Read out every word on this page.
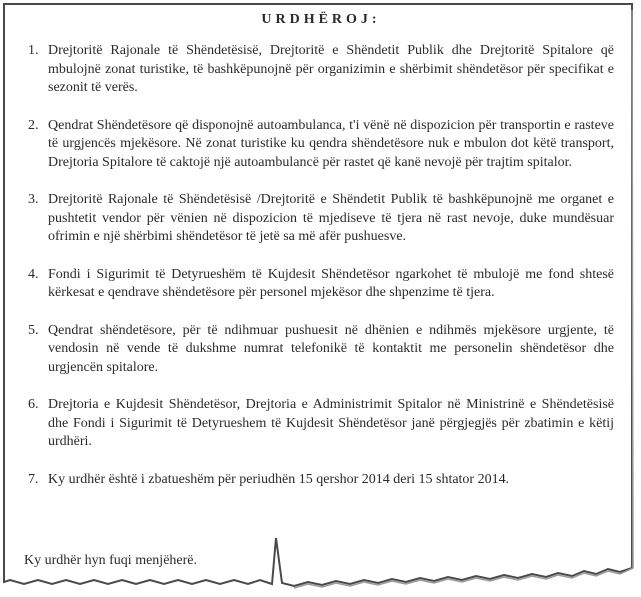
URDHËROJ:
1. Drejtoritë Rajonale të Shëndetësisë, Drejtoritë e Shëndetit Publik dhe Drejtoritë Spitalore që mbulojnë zonat turistike, të bashkëpunojnë për organizimin e shërbimit shëndetësor për specifikat e sezonit të verës.
2. Qendrat Shëndetësore që disponojnë autoambulanca, t'i vënë në dispozicion për transportin e rasteve të urgjencës mjekësore. Në zonat turistike ku qendra shëndetësore nuk e mbulon dot këtë transport, Drejtoria Spitalore të caktojë një autoambulancë për rastet që kanë nevojë për trajtim spitalor.
3. Drejtoritë Rajonale të Shëndetësisë /Drejtoritë e Shëndetit Publik të bashkëpunojnë me organet e pushtetit vendor për vënien në dispozicion të mjediseve të tjera në rast nevoje, duke mundësuar ofrimin e një shërbimi shëndetësor të jetë sa më afër pushuesve.
4. Fondi i Sigurimit të Detyrueshëm të Kujdesit Shëndetësor ngarkohet të mbulojë me fond shtesë kërkesat e qendrave shëndetësore për personel mjekësor dhe shpenzime të tjera.
5. Qendrat shëndetësore, për të ndihmuar pushuesit në dhënien e ndihmës mjekësore urgjente, të vendosin në vende të dukshme numrat telefonikë të kontaktit me personelin shëndetësor dhe urgjencën spitalore.
6. Drejtoria e Kujdesit Shëndetësor, Drejtoria e Administrimit Spitalor në Ministrinë e Shëndetësisë dhe Fondi i Sigurimit të Detyrueshem të Kujdesit Shëndetësor janë përgjegjës për zbatimin e këtij urdhëri.
7. Ky urdhër është i zbatueshëm për periudhën 15 qershor 2014 deri 15 shtator 2014.
Ky urdhër hyn fuqi menjëherë.
